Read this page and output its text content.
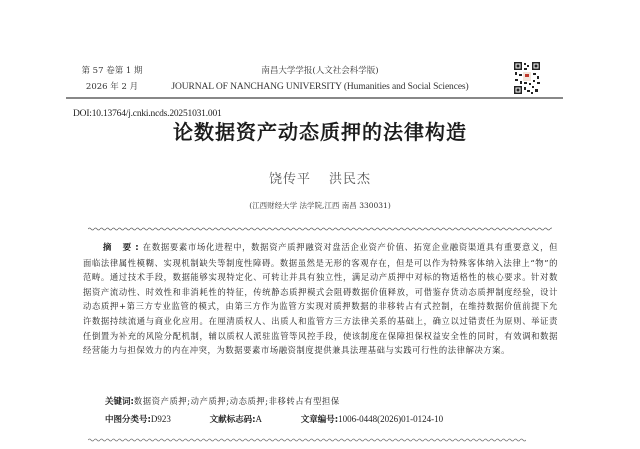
第 57 卷第 1 期
2026 年 2 月
南昌大学学报(人文社会科学版)
JOURNAL OF NANCHANG UNIVERSITY (Humanities and Social Sciences)
DOI:10.13764/j.cnki.ncds.20251031.001
论数据资产动态质押的法律构造
饶传平 洪民杰
(江西财经大学 法学院,江西 南昌 330031)
摘 要:在数据要素市场化进程中，数据资产质押融资对盘活企业资产价值、拓宽企业融资渠道具有重要意义，但面临法律属性模糊、实现机制缺失等制度性障碍。数据虽然是无形的客观存在，但是可以作为特殊客体纳入法律上“物”的范畴。通过技术手段，数据能够实现特定化、可转让并具有独立性，满足动产质押中对标的物适格性的核心要求。针对数据资产流动性、时效性和非消耗性的特征，传统静态质押模式会阻碍数据价值释放，可借鉴存货动态质押制度经验，设计动态质押+第三方专业监管的模式，由第三方作为监管方实现对质押数据的非移转占有式控制，在维持数据价值前提下允许数据持续流通与商业化应用。在厘清质权人、出质人和监管方三方法律关系的基础上，确立以过错责任为原则、举证责任倒置为补充的风险分配机制，辅以质权人派驻监管等风控手段，使该制度在保障担保权益安全性的同时，有效调和数据经营能力与担保效力的内在冲突，为数据要素市场融资制度提供兼具法理基础与实践可行性的法律解决方案。
关键词:数据资产质押;动产质押;动态质押;非移转占有型担保
中图分类号:D923	文献标志码:A	文章编号:1006-0448(2026)01-0124-10
